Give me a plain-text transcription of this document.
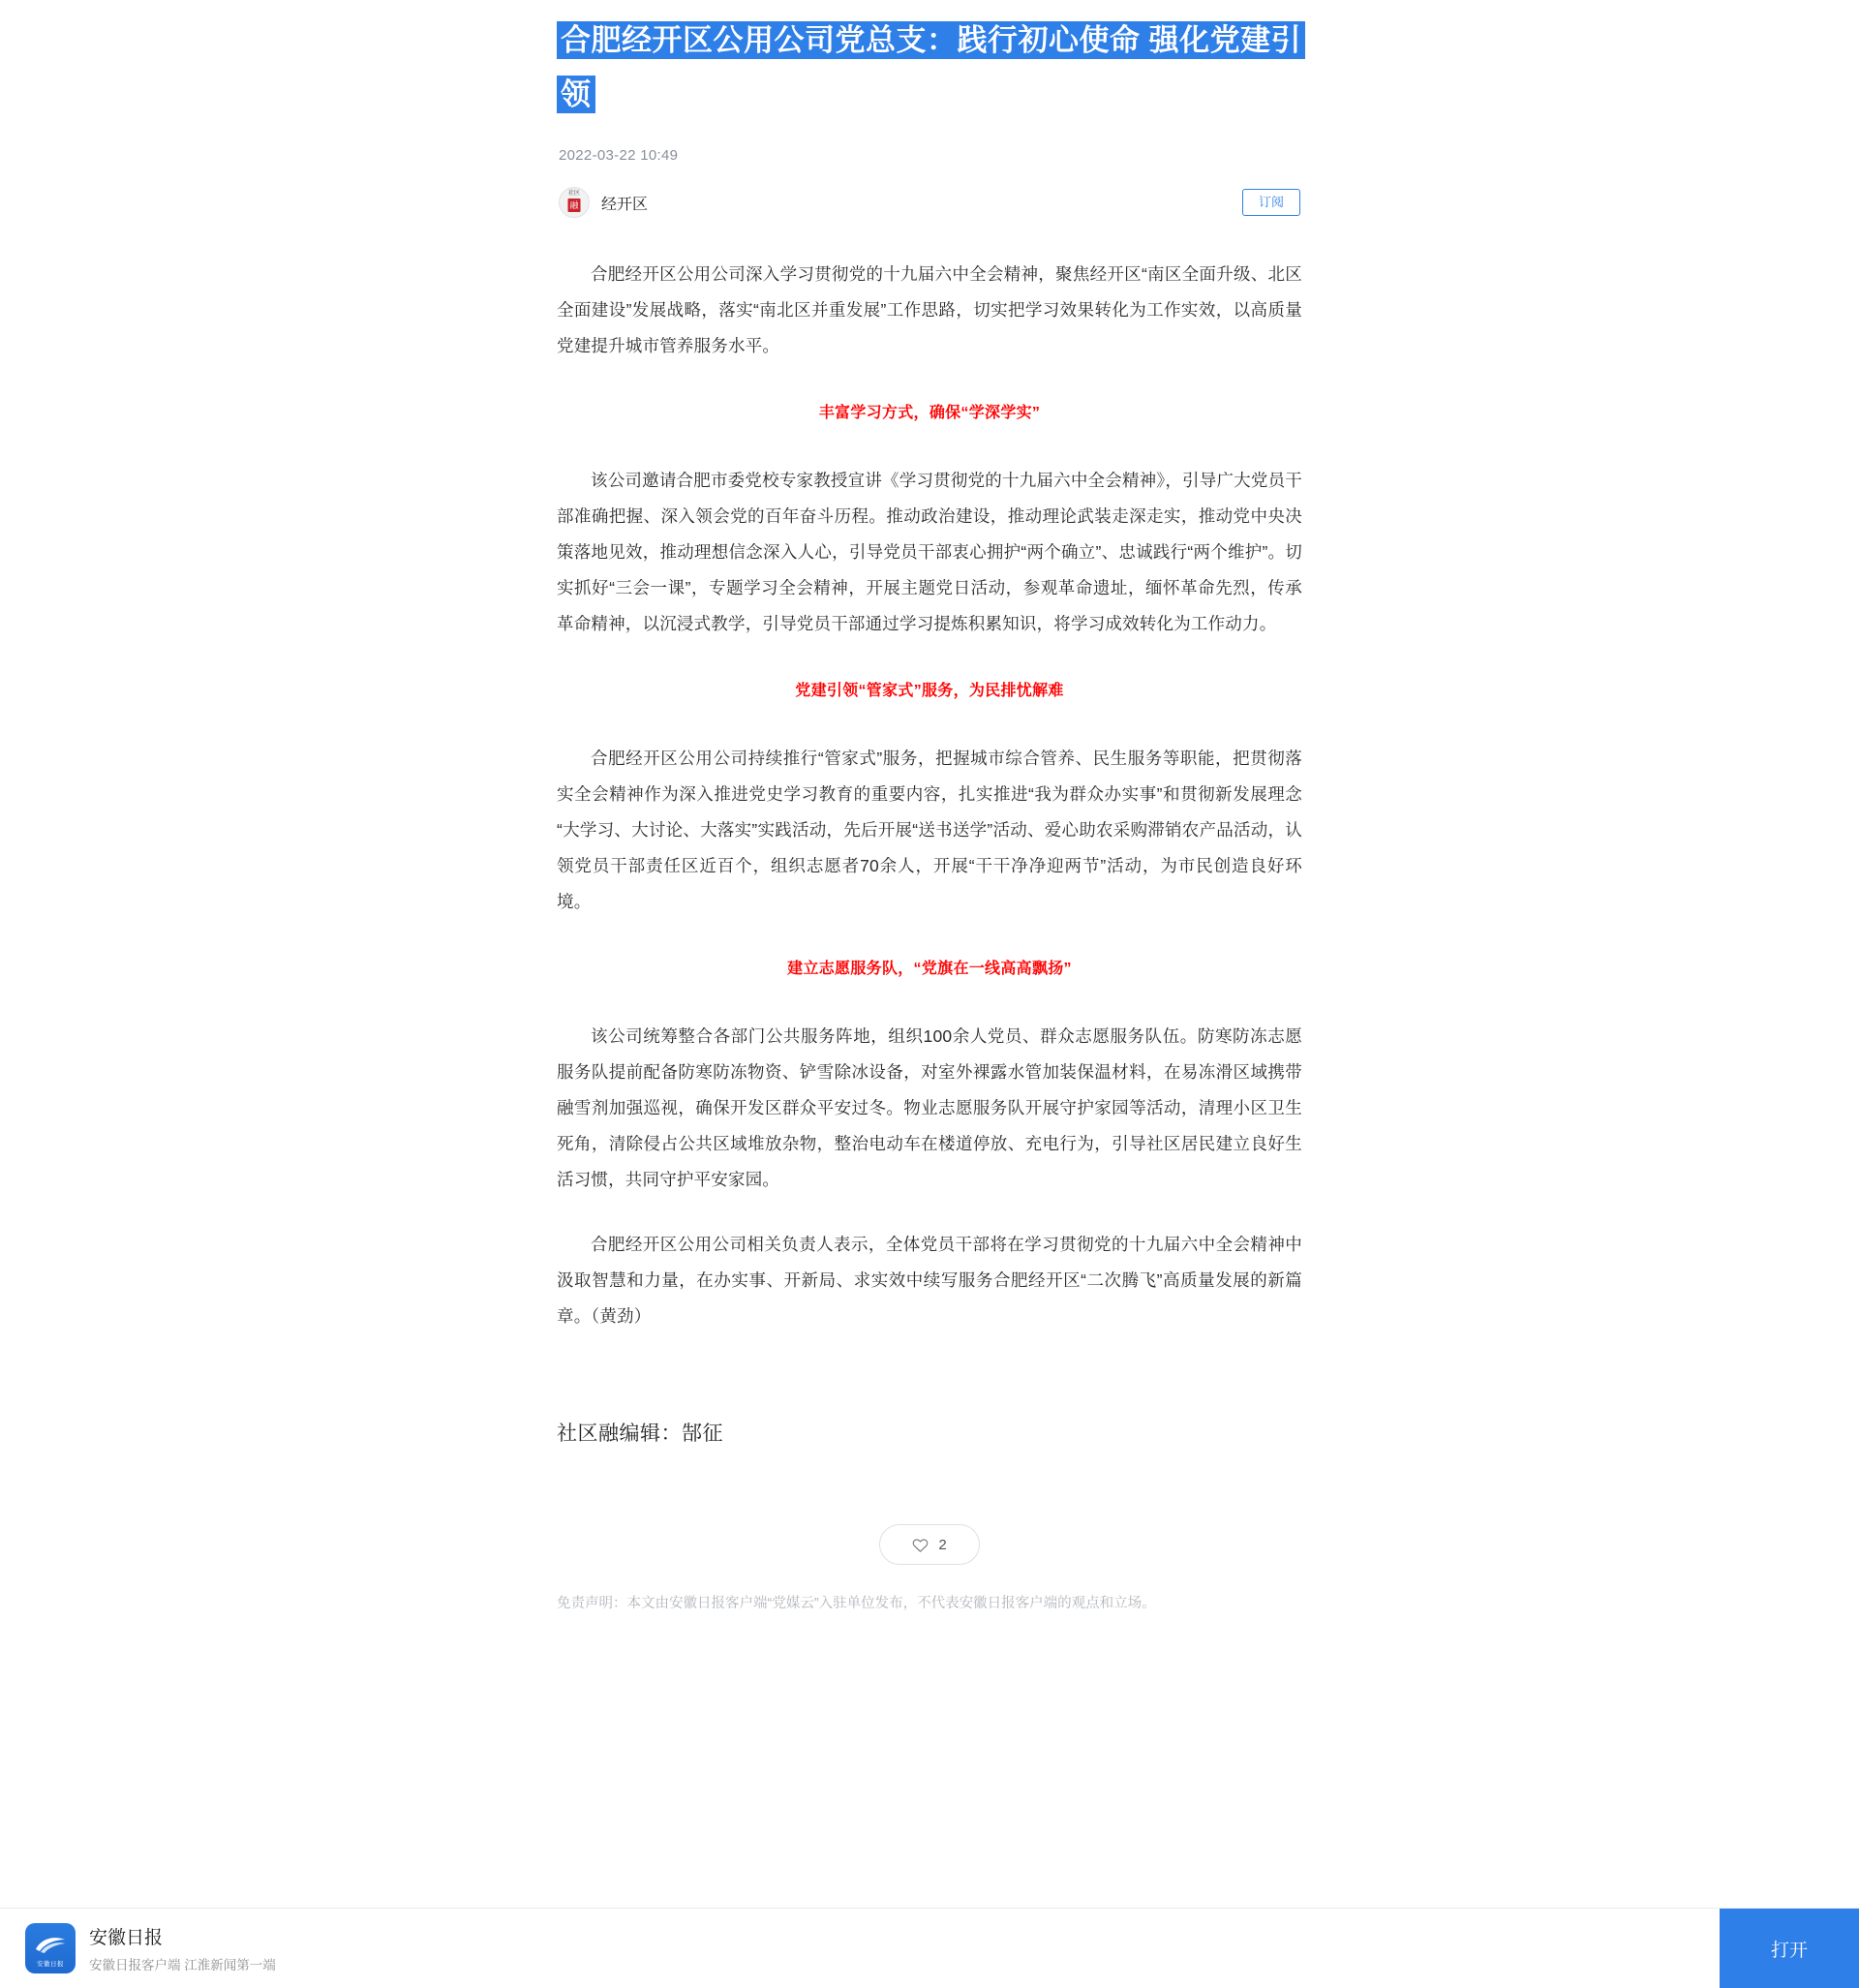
合肥经开区公用公司党总支：践行初心使命 强化党建引领
2022-03-22 10:49
社区
融 经开区	订阅

合肥经开区公用公司深入学习贯彻党的十九届六中全会精神，聚焦经开区“南区全面升级、北区全面建设”发展战略，落实“南北区并重发展”工作思路，切实把学习效果转化为工作实效，以高质量党建提升城市管养服务水平。

丰富学习方式，确保“学深学实”

该公司邀请合肥市委党校专家教授宣讲《学习贯彻党的十九届六中全会精神》，引导广大党员干部准确把握、深入领会党的百年奋斗历程。推动政治建设，推动理论武装走深走实，推动党中央决策落地见效，推动理想信念深入人心，引导党员干部衷心拥护“两个确立”、忠诚践行“两个维护”。切实抓好“三会一课”，专题学习全会精神，开展主题党日活动，参观革命遗址，缅怀革命先烈，传承革命精神，以沉浸式教学，引导党员干部通过学习提炼积累知识，将学习成效转化为工作动力。

党建引领“管家式”服务，为民排忧解难

合肥经开区公用公司持续推行“管家式”服务，把握城市综合管养、民生服务等职能，把贯彻落实全会精神作为深入推进党史学习教育的重要内容，扎实推进“我为群众办实事”和贯彻新发展理念“大学习、大讨论、大落实”实践活动，先后开展“送书送学”活动、爱心助农采购滞销农产品活动，认领党员干部责任区近百个，组织志愿者70余人，开展“干干净净迎两节”活动，为市民创造良好环境。

建立志愿服务队，“党旗在一线高高飘扬”

该公司统筹整合各部门公共服务阵地，组织100余人党员、群众志愿服务队伍。防寒防冻志愿服务队提前配备防寒防冻物资、铲雪除冰设备，对室外裸露水管加装保温材料，在易冻滑区域携带融雪剂加强巡视，确保开发区群众平安过冬。物业志愿服务队开展守护家园等活动，清理小区卫生死角，清除侵占公共区域堆放杂物，整治电动车在楼道停放、充电行为，引导社区居民建立良好生活习惯，共同守护平安家园。

合肥经开区公用公司相关负责人表示，全体党员干部将在学习贯彻党的十九届六中全会精神中汲取智慧和力量，在办实事、开新局、求实效中续写服务合肥经开区“二次腾飞”高质量发展的新篇章。（黄劲）

社区融编辑：郜征
2

免责声明：本文由安徽日报客户端“党媒云”入驻单位发布，不代表安徽日报客户端的观点和立场。

安徽日报
安徽日报
安徽日报客户端 江淮新闻第一端
打开
